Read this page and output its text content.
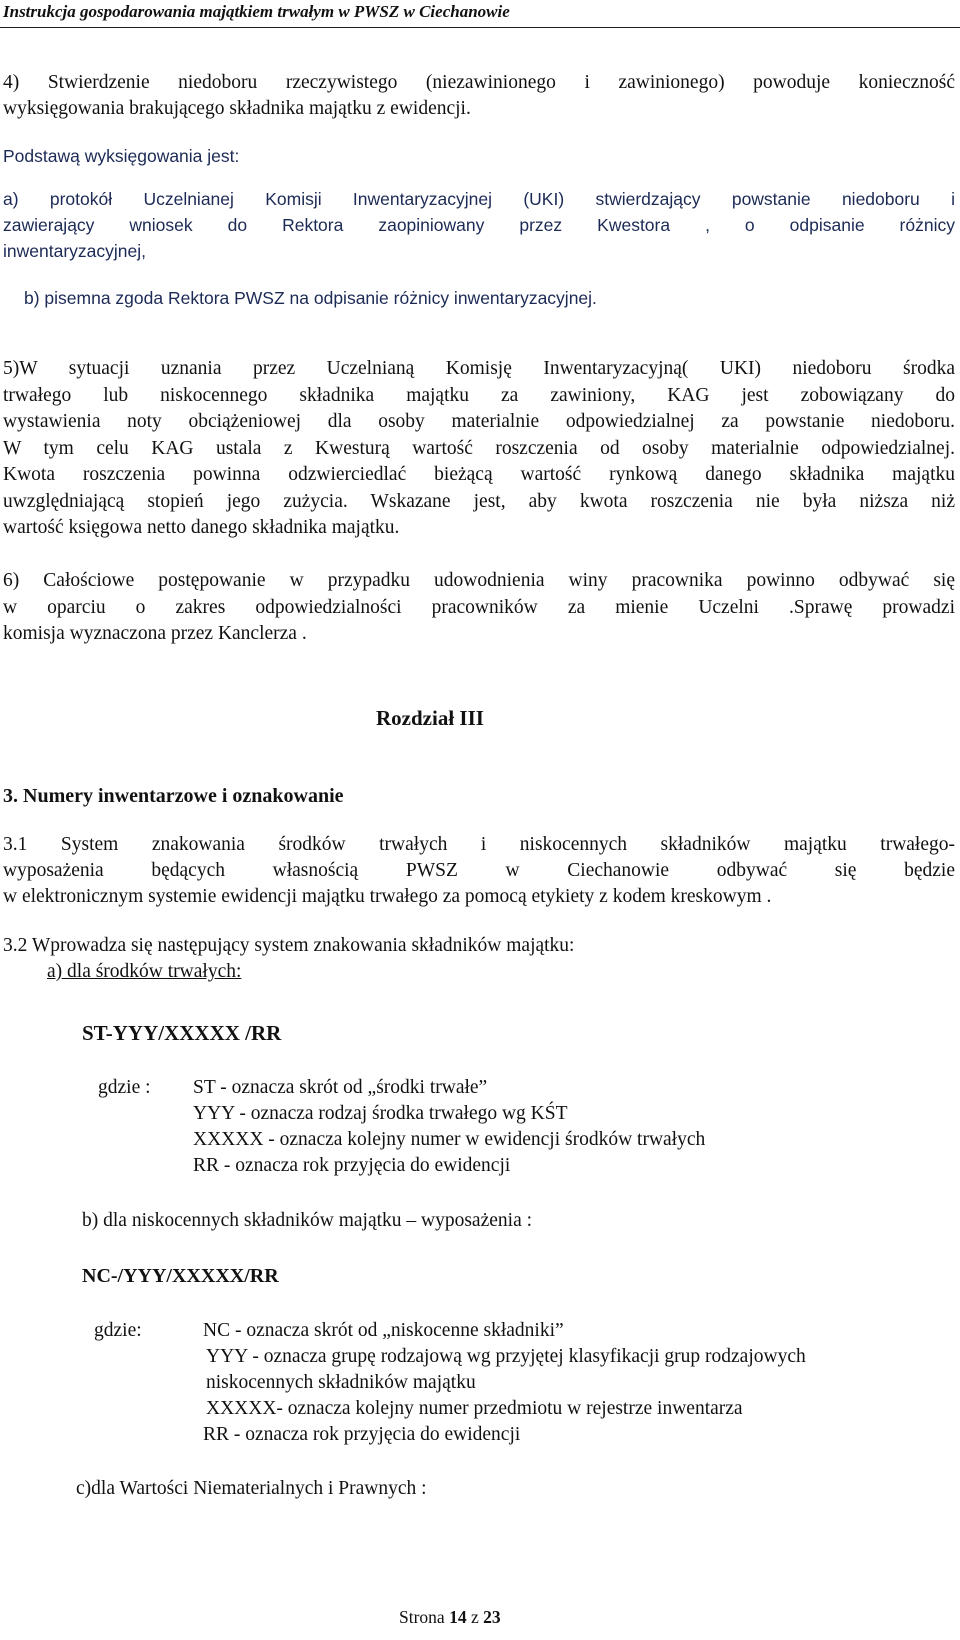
Instrukcja gospodarowania majątkiem trwałym w PWSZ w Ciechanowie
4) Stwierdzenie niedoboru rzeczywistego (niezawinionego i zawinionego) powoduje konieczność
wyksięgowania brakującego składnika majątku z ewidencji.
Podstawą wyksięgowania jest:
a) protokół Uczelnianej Komisji Inwentaryzacyjnej (UKI) stwierdzający powstanie niedoboru i
zawierający wniosek do Rektora zaopiniowany przez Kwestora , o odpisanie różnicy
inwentaryzacyjnej,
b) pisemna zgoda Rektora PWSZ na odpisanie różnicy inwentaryzacyjnej.
5)W sytuacji uznania przez Uczelnianą Komisję Inwentaryzacyjną( UKI) niedoboru środka
trwałego lub niskocennego składnika majątku za zawiniony, KAG jest zobowiązany do
wystawienia noty obciążeniowej dla osoby materialnie odpowiedzialnej za powstanie niedoboru.
W tym celu KAG ustala z Kwesturą wartość roszczenia od osoby materialnie odpowiedzialnej.
Kwota roszczenia powinna odzwierciedlać bieżącą wartość rynkową danego składnika majątku
uwzględniającą stopień jego zużycia. Wskazane jest, aby kwota roszczenia nie była niższa niż
wartość księgowa netto danego składnika majątku.
6) Całościowe postępowanie w przypadku udowodnienia winy pracownika powinno odbywać się
w oparciu o zakres odpowiedzialności pracowników za mienie Uczelni .Sprawę prowadzi
komisja wyznaczona przez Kanclerza .
Rozdział III
3. Numery inwentarzowe i oznakowanie
3.1 System znakowania środków trwałych i niskocennych składników majątku trwałego-
wyposażenia będących własnością PWSZ w Ciechanowie odbywać się będzie
w elektronicznym systemie ewidencji majątku trwałego za pomocą etykiety z kodem kreskowym .
3.2 Wprowadza się następujący system znakowania składników majątku:
a) dla środków trwałych:
ST-YYY/XXXXX /RR
gdzie : ST - oznacza skrót od „środki trwałe”
YYY - oznacza rodzaj środka trwałego wg KŚT
XXXXX - oznacza kolejny numer w ewidencji środków trwałych
RR - oznacza rok przyjęcia do ewidencji
b) dla niskocennych składników majątku – wyposażenia :
NC-/YYY/XXXXX/RR
gdzie:	NC - oznacza skrót od „niskocenne składniki”
YYY - oznacza grupę rodzajową wg przyjętej klasyfikacji grup rodzajowych
niskocennych składników majątku
XXXXX- oznacza kolejny numer przedmiotu w rejestrze inwentarza
RR - oznacza rok przyjęcia do ewidencji
c)dla Wartości Niematerialnych i Prawnych :
Strona 14 z 23
